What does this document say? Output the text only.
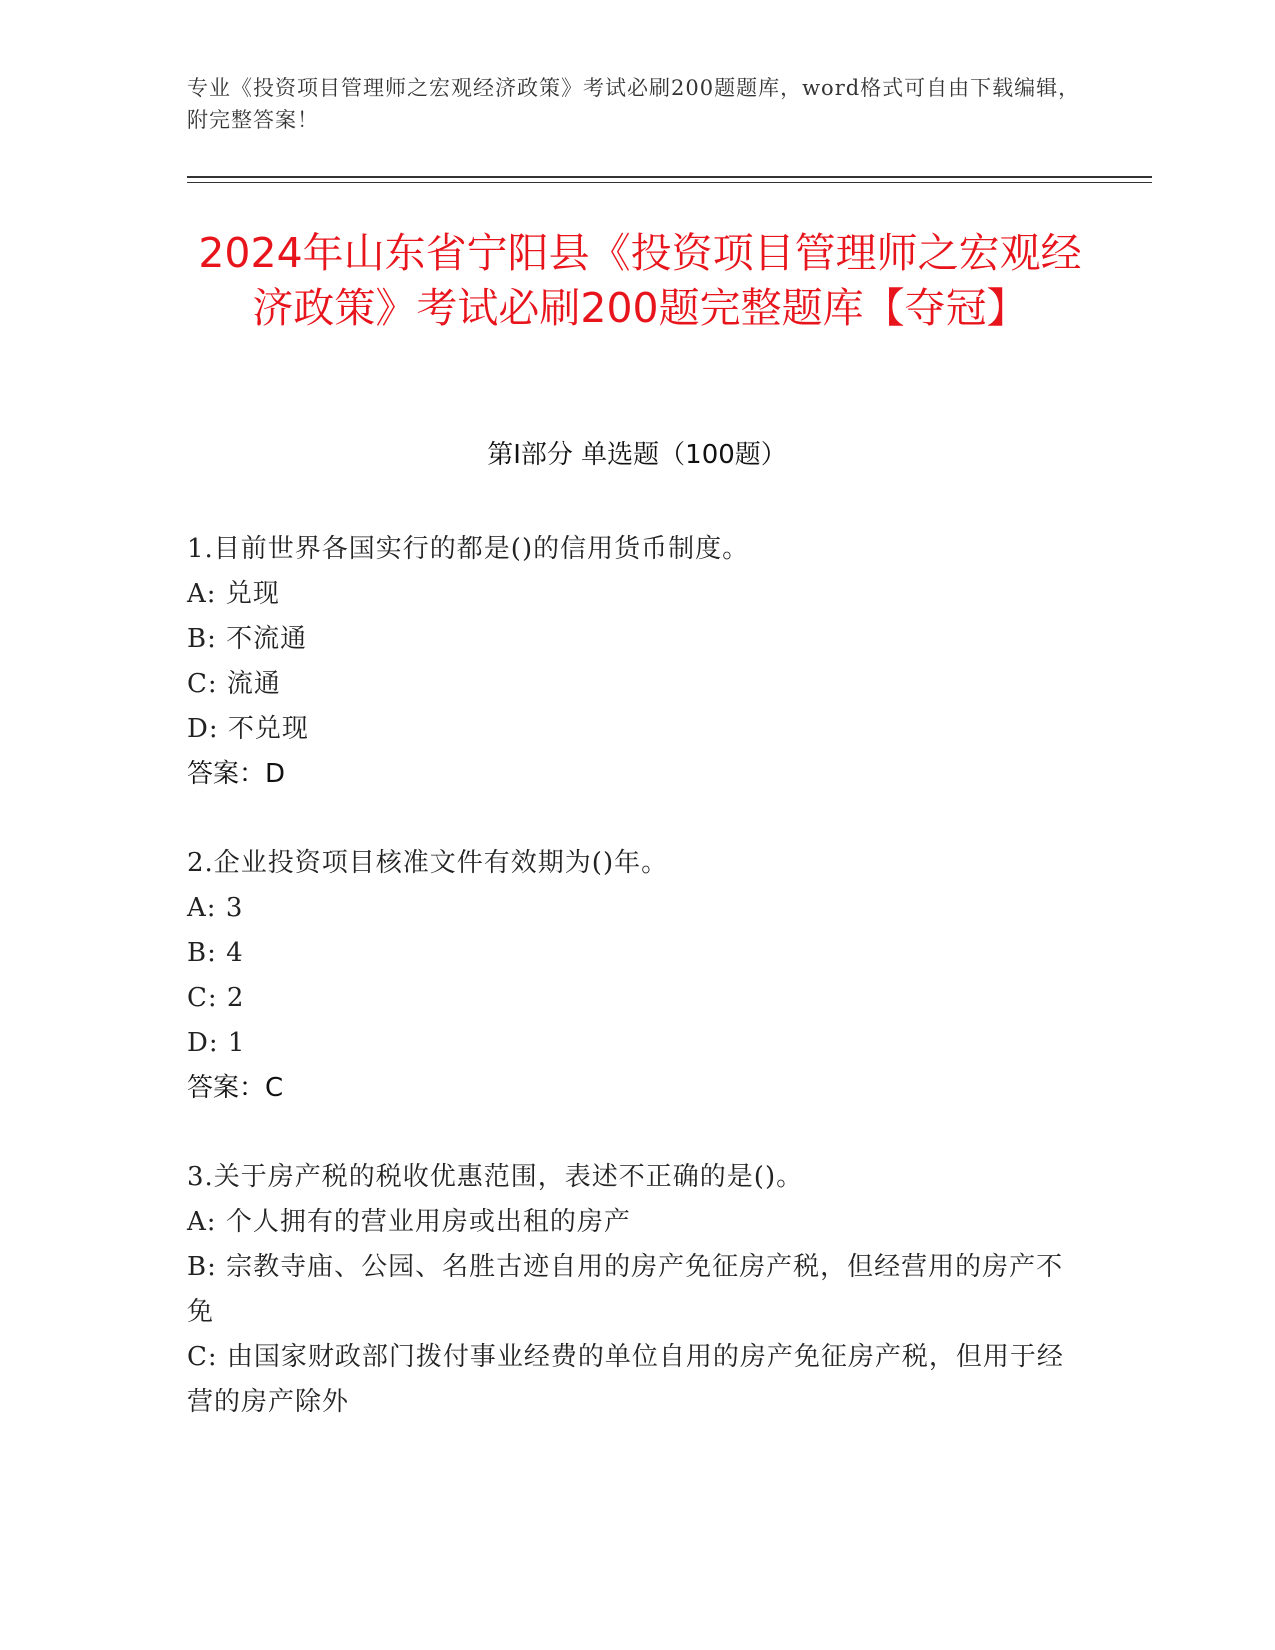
专业《投资项目管理师之宏观经济政策》考试必刷200题题库，word格式可自由下载编辑，附完整答案！
2024年山东省宁阳县《投资项目管理师之宏观经济政策》考试必刷200题完整题库【夺冠】
第I部分 单选题（100题）
1.目前世界各国实行的都是()的信用货币制度。
A: 兑现
B: 不流通
C: 流通
D: 不兑现
答案：D
2.企业投资项目核准文件有效期为()年。
A: 3
B: 4
C: 2
D: 1
答案：C
3.关于房产税的税收优惠范围，表述不正确的是()。
A: 个人拥有的营业用房或出租的房产
B: 宗教寺庙、公园、名胜古迹自用的房产免征房产税，但经营用的房产不免
C: 由国家财政部门拨付事业经费的单位自用的房产免征房产税，但用于经营的房产除外
